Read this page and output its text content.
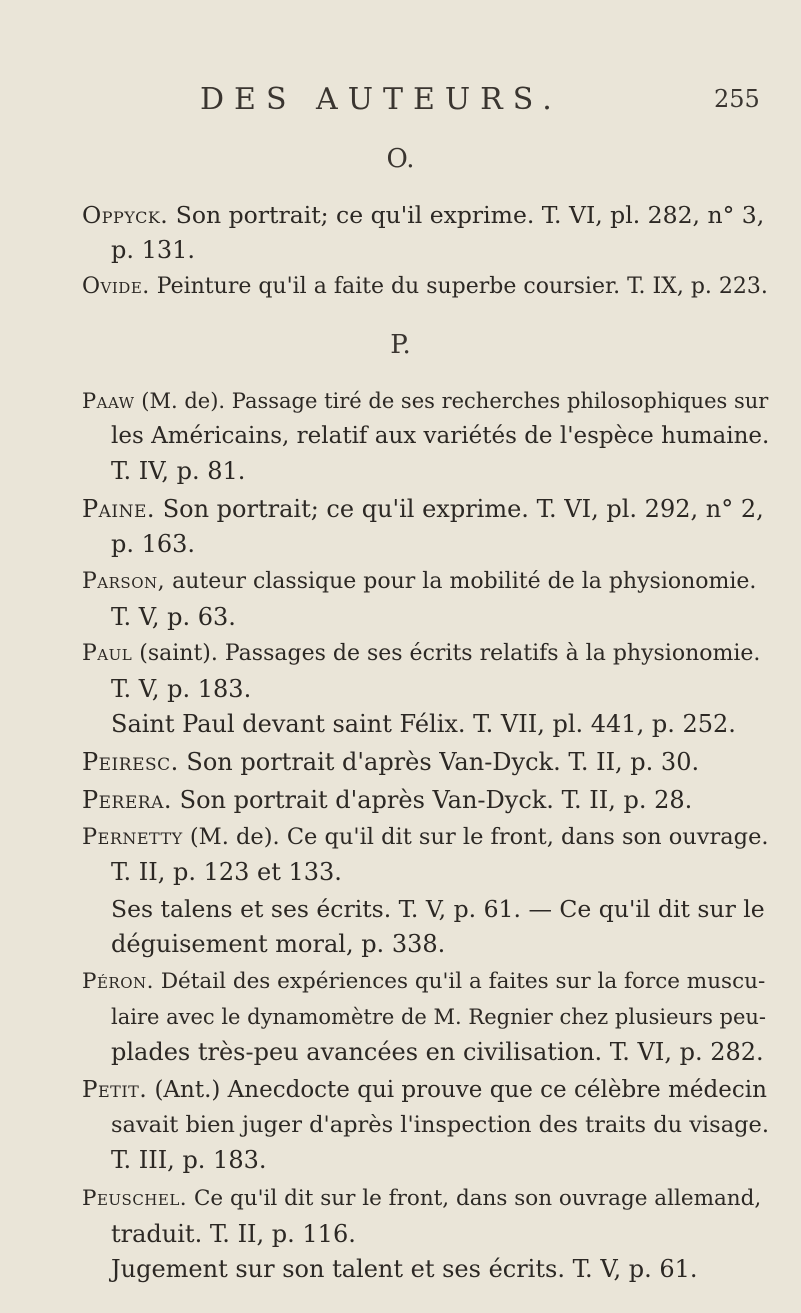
DES AUTEURS.	255
O.
Oppyck. Son portrait; ce qu'il exprime. T. VI, pl. 282, n° 3,
p. 131.
Ovide. Peinture qu'il a faite du superbe coursier. T. IX, p. 223.
P.
Paaw (M. de). Passage tiré de ses recherches philosophiques sur
les Américains, relatif aux variétés de l'espèce humaine.
T. IV, p. 81.
Paine. Son portrait; ce qu'il exprime. T. VI, pl. 292, n° 2,
p. 163.
Parson, auteur classique pour la mobilité de la physionomie.
T. V, p. 63.
Paul (saint). Passages de ses écrits relatifs à la physionomie.
T. V, p. 183.
Saint Paul devant saint Félix. T. VII, pl. 441, p. 252.
Peiresc. Son portrait d'après Van-Dyck. T. II, p. 30.
Perera. Son portrait d'après Van-Dyck. T. II, p. 28.
Pernetty (M. de). Ce qu'il dit sur le front, dans son ouvrage.
T. II, p. 123 et 133.
Ses talens et ses écrits. T. V, p. 61. — Ce qu'il dit sur le
déguisement moral, p. 338.
Péron. Détail des expériences qu'il a faites sur la force muscu-
laire avec le dynamomètre de M. Regnier chez plusieurs peu-
plades très-peu avancées en civilisation. T. VI, p. 282.
Petit. (Ant.) Anecdocte qui prouve que ce célèbre médecin
savait bien juger d'après l'inspection des traits du visage.
T. III, p. 183.
Peuschel. Ce qu'il dit sur le front, dans son ouvrage allemand,
traduit. T. II, p. 116.
Jugement sur son talent et ses écrits. T. V, p. 61.
